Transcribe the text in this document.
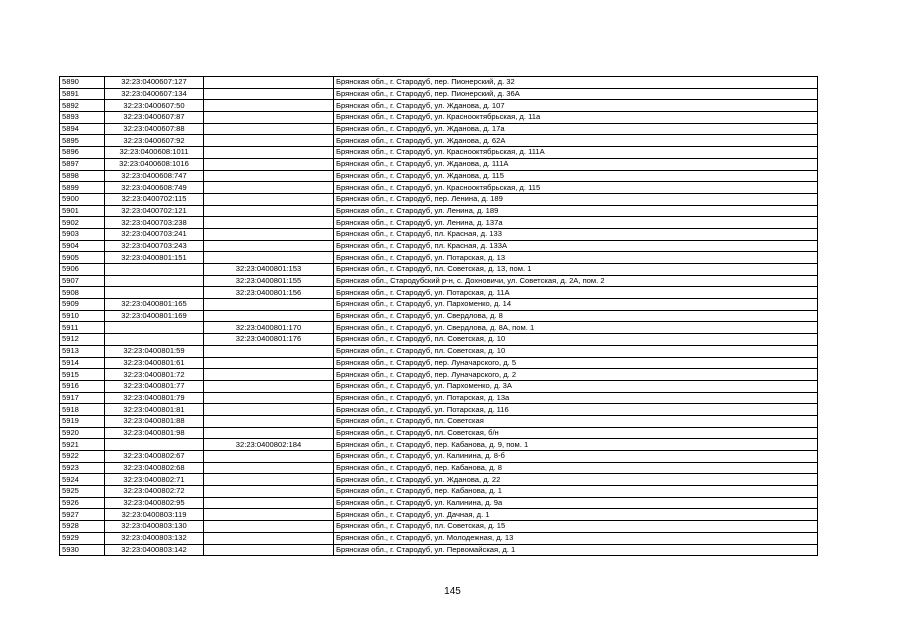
5890	32:23:0400607:127		Брянская обл., г. Стародуб, пер. Пионерский, д. 32
5891	32:23:0400607:134		Брянская обл., г. Стародуб, пер. Пионерский, д. 36А
5892	32:23:0400607:50		Брянская обл., г. Стародуб, ул. Жданова, д. 107
5893	32:23:0400607:87		Брянская обл., г. Стародуб, ул. Краснооктябрьская, д. 11а
5894	32:23:0400607:88		Брянская обл., г. Стародуб, ул. Жданова, д. 17а
5895	32:23:0400607:92		Брянская обл., г. Стародуб, ул. Жданова, д. 62А
5896	32:23:0400608:1011		Брянская обл., г. Стародуб, ул. Краснооктябрьская, д. 111А
5897	32:23:0400608:1016		Брянская обл., г. Стародуб, ул. Жданова, д. 111А
5898	32:23:0400608:747		Брянская обл., г. Стародуб, ул. Жданова, д. 115
5899	32:23:0400608:749		Брянская обл., г. Стародуб, ул. Краснооктябрьская, д. 115
5900	32:23:0400702:115		Брянская обл., г. Стародуб, пер. Ленина, д. 189
5901	32:23:0400702:121		Брянская обл., г. Стародуб, ул. Ленина, д. 189
5902	32:23:0400703:238		Брянская обл., г. Стародуб, ул. Ленина, д. 137а
5903	32:23:0400703:241		Брянская обл., г. Стародуб, пл. Красная, д. 133
5904	32:23:0400703:243		Брянская обл., г. Стародуб, пл. Красная, д. 133А
5905	32:23:0400801:151		Брянская обл., г. Стародуб, ул. Потарская, д. 13
5906		32:23:0400801:153	Брянская обл., г. Стародуб, пл. Советская, д. 13, пом. 1
5907		32:23:0400801:155	Брянская обл., Стародубский р-н, с. Дохновичи, ул. Советская, д. 2А, пом. 2
5908		32:23:0400801:156	Брянская обл., г. Стародуб, ул. Потарская, д. 11А
5909	32:23:0400801:165		Брянская обл., г. Стародуб, ул. Пархоменко, д. 14
5910	32:23:0400801:169		Брянская обл., г. Стародуб, ул. Свердлова, д. 8
5911		32:23:0400801:170	Брянская обл., г. Стародуб, ул. Свердлова, д. 8А, пом. 1
5912		32:23:0400801:176	Брянская обл., г. Стародуб, пл. Советская, д. 10
5913	32:23:0400801:59		Брянская обл., г. Стародуб, пл. Советская, д. 10
5914	32:23:0400801:61		Брянская обл., г. Стародуб, пер. Луначарского, д. 5
5915	32:23:0400801:72		Брянская обл., г. Стародуб, пер. Луначарского, д. 2
5916	32:23:0400801:77		Брянская обл., г. Стародуб, ул. Пархоменко, д. 3А
5917	32:23:0400801:79		Брянская обл., г. Стародуб, ул. Потарская, д. 13а
5918	32:23:0400801:81		Брянская обл., г. Стародуб, ул. Потарская, д. 116
5919	32:23:0400801:88		Брянская обл., г. Стародуб, пл. Советская
5920	32:23:0400801:98		Брянская обл., г. Стародуб, пл. Советская, б/н
5921		32:23:0400802:184	Брянская обл., г. Стародуб, пер. Кабанова, д. 9, пом. 1
5922	32:23:0400802:67		Брянская обл., г. Стародуб, ул. Калинина, д. 8-б
5923	32:23:0400802:68		Брянская обл., г. Стародуб, пер. Кабанова, д. 8
5924	32:23:0400802:71		Брянская обл., г. Стародуб, ул. Жданова, д. 22
5925	32:23:0400802:72		Брянская обл., г. Стародуб, пер. Кабанова, д. 1
5926	32:23:0400802:95		Брянская обл., г. Стародуб, ул. Калинина, д. 9а
5927	32:23:0400803:119		Брянская обл., г. Стародуб, ул. Дачная, д. 1
5928	32:23:0400803:130		Брянская обл., г. Стародуб, пл. Советская, д. 15
5929	32:23:0400803:132		Брянская обл., г. Стародуб, ул. Молодежная, д. 13
5930	32:23:0400803:142		Брянская обл., г. Стародуб, ул. Первомайская, д. 1
145
